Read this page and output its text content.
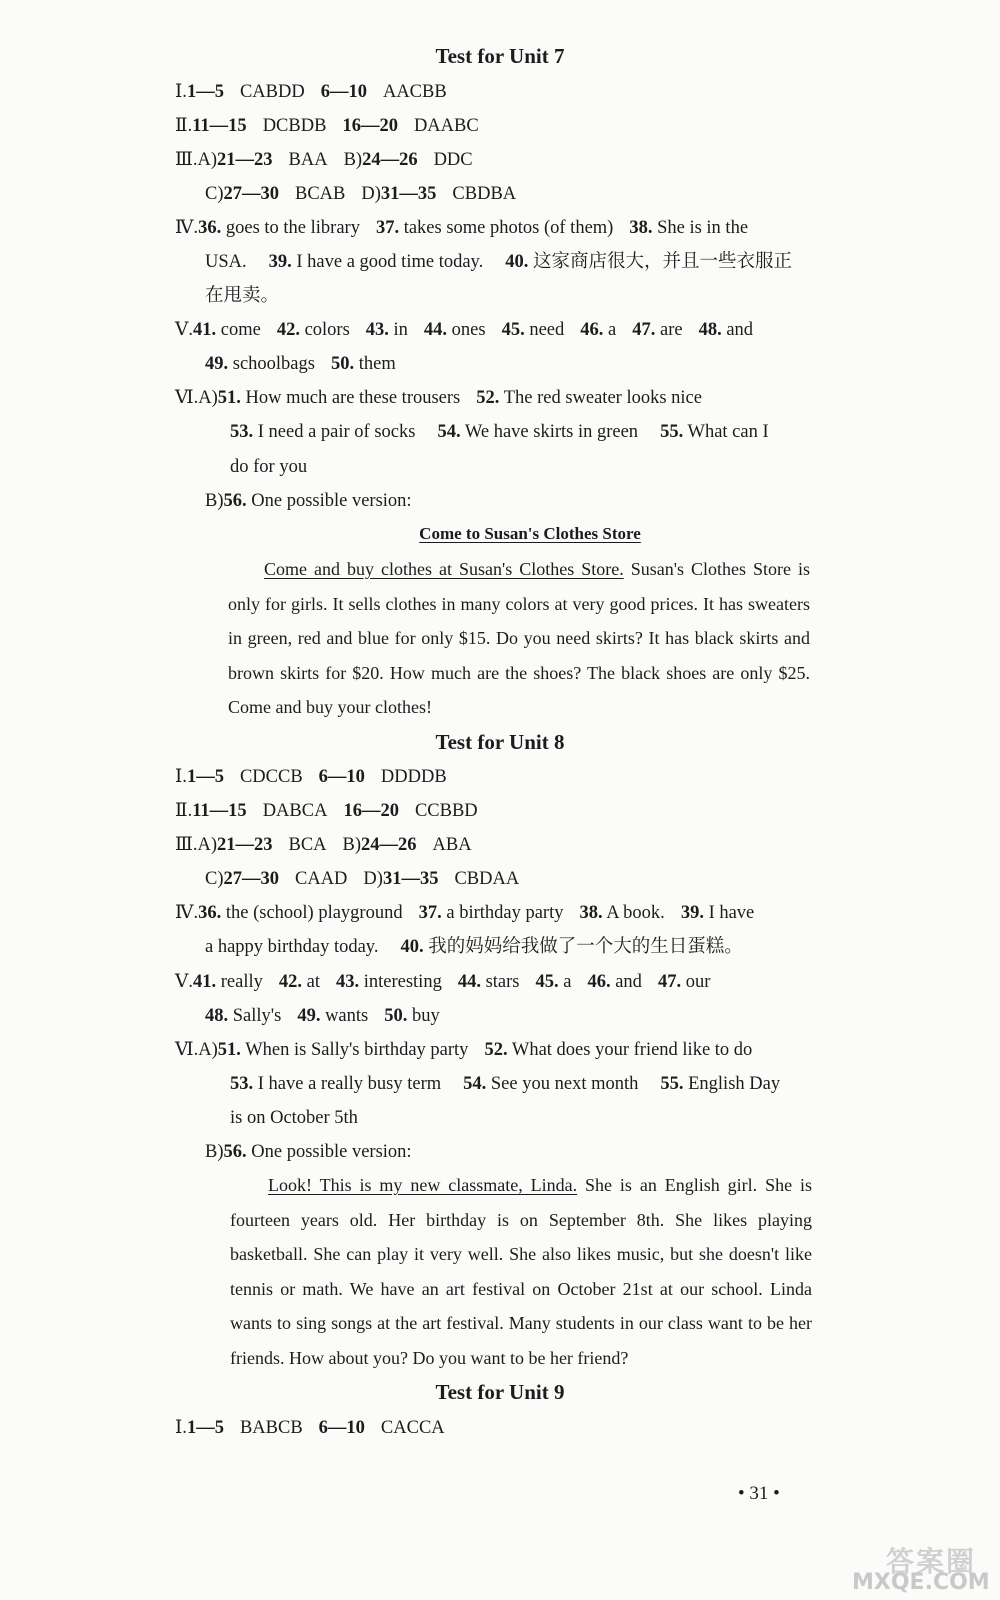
Test for Unit 7
Ⅰ.1—5 CABDD 6—10 AACBB
Ⅱ.11—15 DCBDB 16—20 DAABC
Ⅲ.A)21—23 BAA B)24—26 DDC
C)27—30 BCAB D)31—35 CBDBA
Ⅳ.36. goes to the library 37. takes some photos (of them) 38. She is in the
USA. 39. I have a good time today. 40. 这家商店很大，并且一些衣服正
在甩卖。
Ⅴ.41. come 42. colors 43. in 44. ones 45. need 46. a 47. are 48. and
49. schoolbags 50. them
Ⅵ.A)51. How much are these trousers 52. The red sweater looks nice
53. I need a pair of socks 54. We have skirts in green 55. What can I
do for you
B)56. One possible version:
Come to Susan's Clothes Store
Come and buy clothes at Susan's Clothes Store. Susan's Clothes Store is only for girls. It sells clothes in many colors at very good prices. It has sweaters in green, red and blue for only $15. Do you need skirts? It has black skirts and brown skirts for $20. How much are the shoes? The black shoes are only $25. Come and buy your clothes!
Test for Unit 8
Ⅰ.1—5 CDCCB 6—10 DDDDB
Ⅱ.11—15 DABCA 16—20 CCBBD
Ⅲ.A)21—23 BCA B)24—26 ABA
C)27—30 CAAD D)31—35 CBDAA
Ⅳ.36. the (school) playground 37. a birthday party 38. A book. 39. I have
a happy birthday today. 40. 我的妈妈给我做了一个大的生日蛋糕。
Ⅴ.41. really 42. at 43. interesting 44. stars 45. a 46. and 47. our
48. Sally's 49. wants 50. buy
Ⅵ.A)51. When is Sally's birthday party 52. What does your friend like to do
53. I have a really busy term 54. See you next month 55. English Day
is on October 5th
B)56. One possible version:
Look! This is my new classmate, Linda. She is an English girl. She is fourteen years old. Her birthday is on September 8th. She likes playing basketball. She can play it very well. She also likes music, but she doesn't like tennis or math. We have an art festival on October 21st at our school. Linda wants to sing songs at the art festival. Many students in our class want to be her friends. How about you? Do you want to be her friend?
Test for Unit 9
Ⅰ.1—5 BABCB 6—10 CACCA
• 31 •
答案圈
MXQE.COM
